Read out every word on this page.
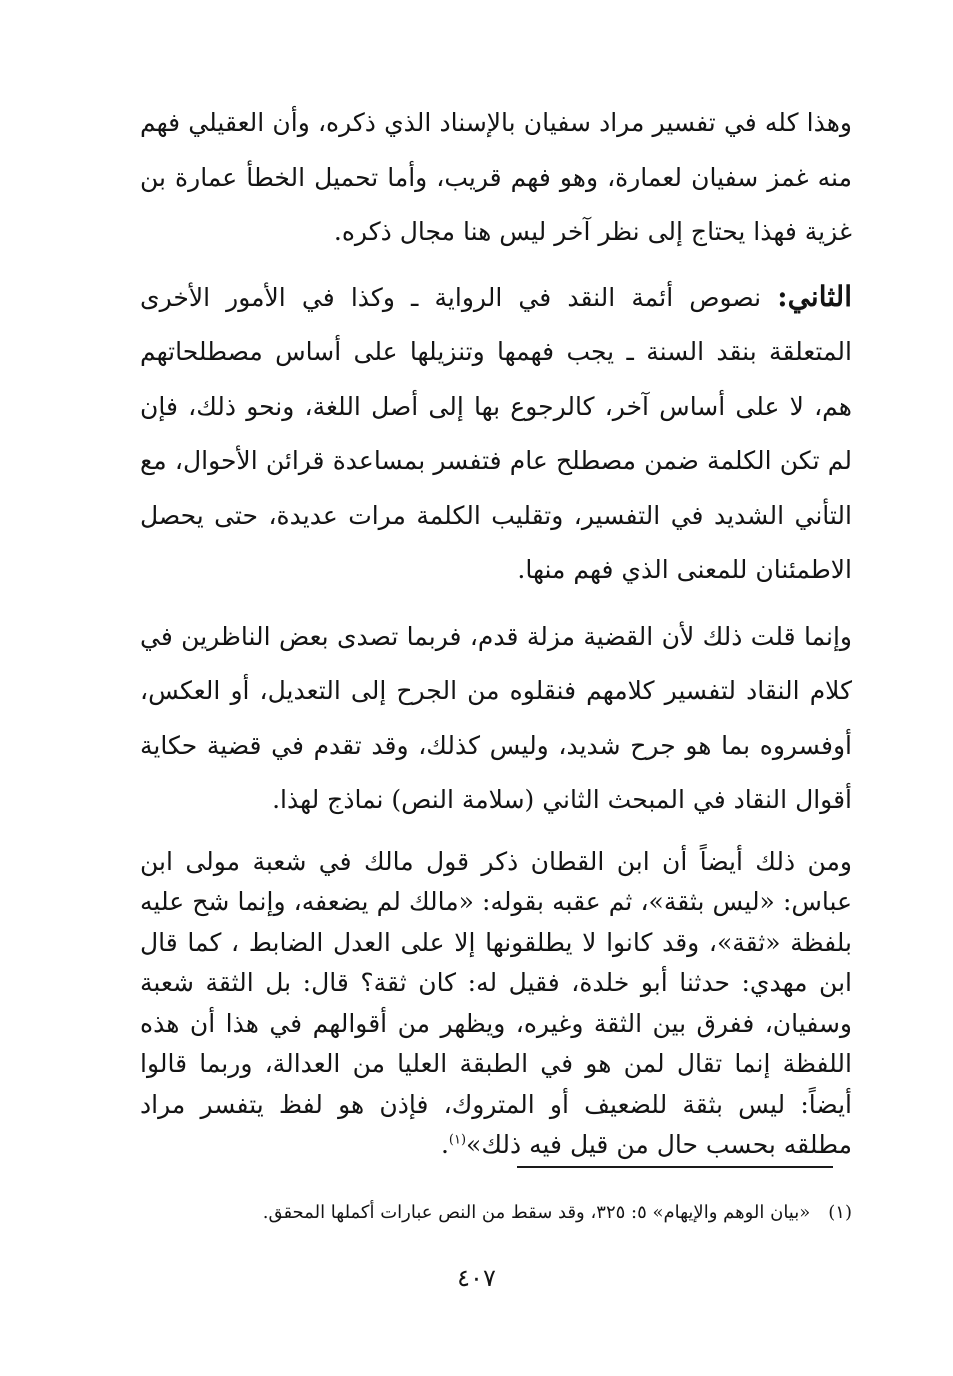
وهذا كله في تفسير مراد سفيان بالإسناد الذي ذكره، وأن العقيلي فهم منه غمز سفيان لعمارة، وهو فهم قريب، وأما تحميل الخطأ عمارة بن غزية فهذا يحتاج إلى نظر آخر ليس هنا مجال ذكره.

الثاني: نصوص أئمة النقد في الرواية ـ وكذا في الأمور الأخرى المتعلقة بنقد السنة ـ يجب فهمها وتنزيلها على أساس مصطلحاتهم هم، لا على أساس آخر، كالرجوع بها إلى أصل اللغة، ونحو ذلك، فإن لم تكن الكلمة ضمن مصطلح عام فتفسر بمساعدة قرائن الأحوال، مع التأني الشديد في التفسير، وتقليب الكلمة مرات عديدة، حتى يحصل الاطمئنان للمعنى الذي فهم منها.

وإنما قلت ذلك لأن القضية مزلة قدم، فربما تصدى بعض الناظرين في كلام النقاد لتفسير كلامهم فنقلوه من الجرح إلى التعديل، أو العكس، أوفسروه بما هو جرح شديد، وليس كذلك، وقد تقدم في قضية حكاية أقوال النقاد في المبحث الثاني (سلامة النص) نماذج لهذا.

ومن ذلك أيضاً أن ابن القطان ذكر قول مالك في شعبة مولى ابن عباس: «ليس بثقة»، ثم عقبه بقوله: «مالك لم يضعفه، وإنما شح عليه بلفظة «ثقة»، وقد كانوا لا يطلقونها إلا على العدل الضابط ، كما قال ابن مهدي: حدثنا أبو خلدة، فقيل له: كان ثقة؟ قال: بل الثقة شعبة وسفيان، ففرق بين الثقة وغيره، ويظهر من أقوالهم في هذا أن هذه اللفظة إنما تقال لمن هو في الطبقة العليا من العدالة، وربما قالوا أيضاً: ليس بثقة للضعيف أو المتروك، فإذن هو لفظ يتفسر مراد مطلقه بحسب حال من قيل فيه ذلك»$^{(١)}$.

(١)«بيان الوهم والإيهام» ٥: ٣٢٥، وقد سقط من النص عبارات أكملها المحقق.

٤٠٧
